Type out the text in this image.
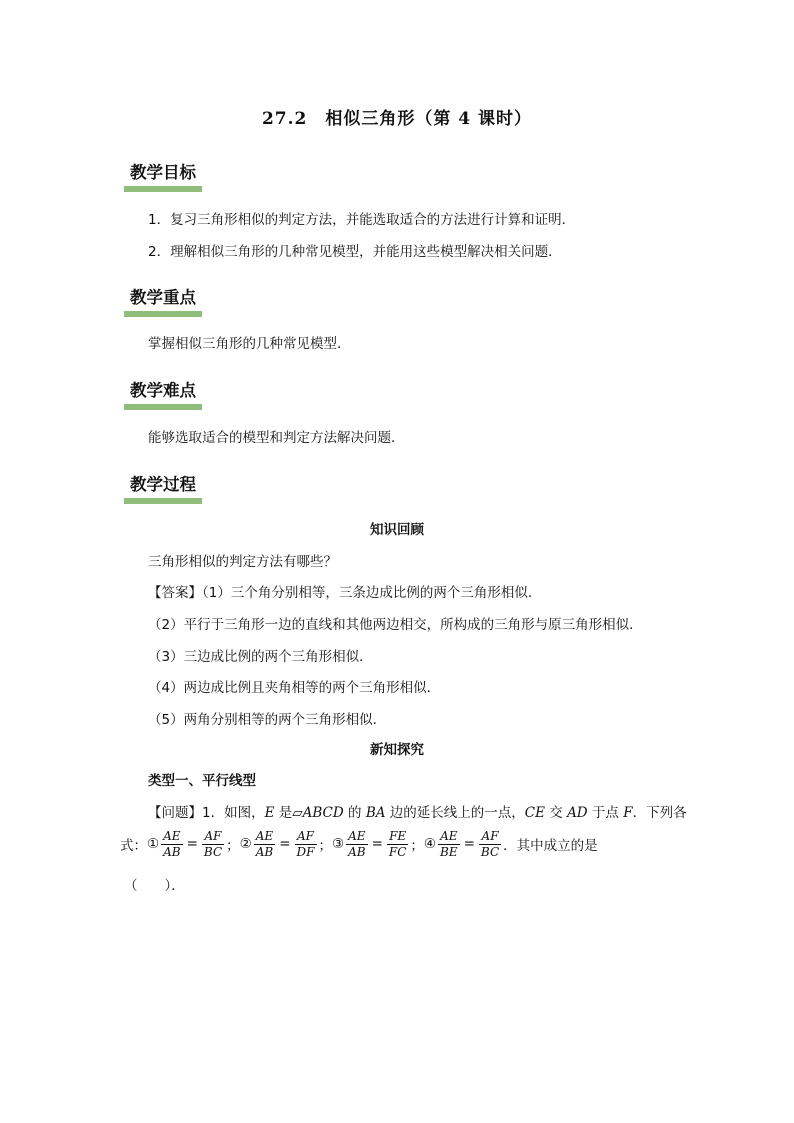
27.2　相似三角形（第 4 课时）
教学目标
1．复习三角形相似的判定方法，并能选取适合的方法进行计算和证明．
2．理解相似三角形的几种常见模型，并能用这些模型解决相关问题．
教学重点
掌握相似三角形的几种常见模型．
教学难点
能够选取适合的模型和判定方法解决问题．
教学过程
知识回顾
三角形相似的判定方法有哪些？
【答案】（1）三个角分别相等，三条边成比例的两个三角形相似．
（2）平行于三角形一边的直线和其他两边相交，所构成的三角形与原三角形相似．
（3）三边成比例的两个三角形相似．
（4）两边成比例且夹角相等的两个三角形相似．
（5）两角分别相等的两个三角形相似．
新知探究
类型一、平行线型
【问题】1．如图，E 是▱ABCD 的 BA 边的延长线上的一点，CE 交 AD 于点 F．下列各
式： ① $\frac{AE}{AB} = \frac{AF}{BC}$ ； ② $\frac{AE}{AB} = \frac{AF}{DF}$ ； ③ $\frac{AE}{AB} = \frac{FE}{FC}$ ； ④ $\frac{AE}{BE} = \frac{AF}{BC}$ ．其中成立的是
（　　）．
